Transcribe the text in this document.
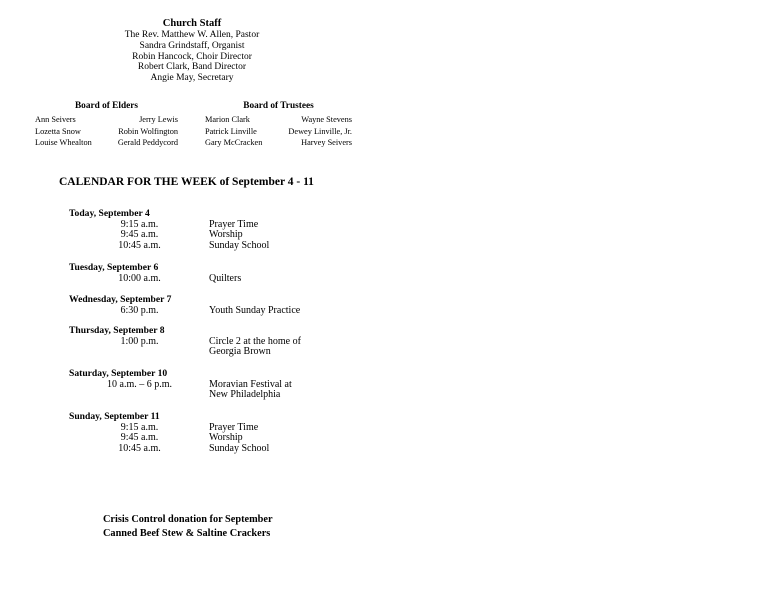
Church Staff
The Rev. Matthew W. Allen, Pastor
Sandra Grindstaff, Organist
Robin Hancock, Choir Director
Robert Clark, Band Director
Angie May, Secretary
Board of Elders
Ann Seivers	Jerry Lewis
Lozetta Snow	Robin Wolfington
Louise Whealton	Gerald Peddycord
Board of Trustees
Marion Clark	Wayne Stevens
Patrick Linville	Dewey Linville, Jr.
Gary McCracken	Harvey Seivers
CALENDAR FOR THE WEEK of September 4 - 11
Today, September 4
9:15 a.m.	Prayer Time
9:45 a.m.	Worship
10:45 a.m.	Sunday School
Tuesday, September 6
10:00 a.m.	Quilters
Wednesday, September 7
6:30 p.m.	Youth Sunday Practice
Thursday, September 8
1:00 p.m.	Circle 2 at the home of
Georgia Brown
Saturday, September 10
10 a.m. – 6 p.m.	Moravian Festival at
New Philadelphia
Sunday, September 11
9:15 a.m.	Prayer Time
9:45 a.m.	Worship
10:45 a.m.	Sunday School
Crisis Control donation for September
Canned Beef Stew & Saltine Crackers
